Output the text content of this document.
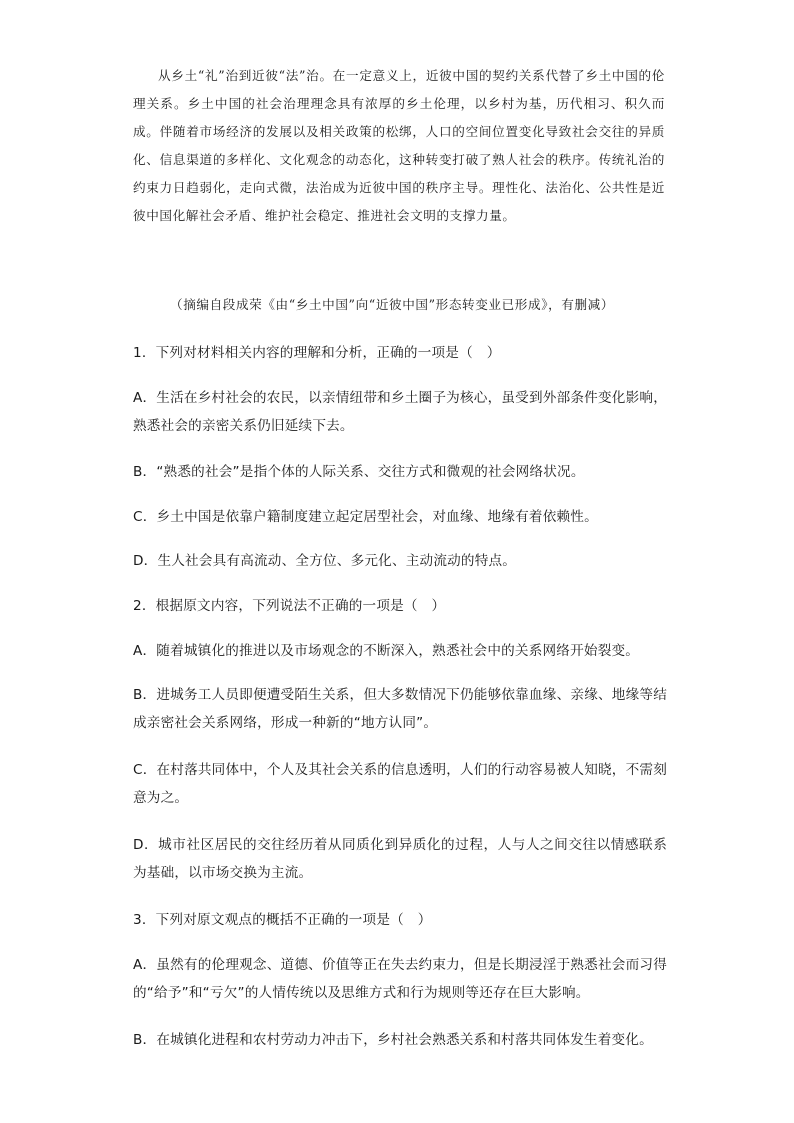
从乡土“礼”治到近彼“法”治。在一定意义上，近彼中国的契约关系代替了乡土中国的伦理关系。乡土中国的社会治理理念具有浓厚的乡土伦理，以乡村为基，历代相习、积久而成。伴随着市场经济的发展以及相关政策的松绑，人口的空间位置变化导致社会交往的异质化、信息渠道的多样化、文化观念的动态化，这种转变打破了熟人社会的秩序。传统礼治的约束力日趋弱化，走向式微，法治成为近彼中国的秩序主导。理性化、法治化、公共性是近彼中国化解社会矛盾、维护社会稳定、推进社会文明的支撑力量。

（摘编自段成荣《由“乡土中国”向“近彼中国”形态转变业已形成》，有删减）

1．下列对材料相关内容的理解和分析，正确的一项是（　）

A．生活在乡村社会的农民，以亲情纽带和乡土圈子为核心，虽受到外部条件变化影响，熟悉社会的亲密关系仍旧延续下去。

B．“熟悉的社会”是指个体的人际关系、交往方式和微观的社会网络状况。

C．乡土中国是依靠户籍制度建立起定居型社会，对血缘、地缘有着依赖性。

D．生人社会具有高流动、全方位、多元化、主动流动的特点。

2．根据原文内容，下列说法不正确的一项是（　）

A．随着城镇化的推进以及市场观念的不断深入，熟悉社会中的关系网络开始裂变。

B．进城务工人员即便遭受陌生关系，但大多数情况下仍能够依靠血缘、亲缘、地缘等结成亲密社会关系网络，形成一种新的“地方认同”。

C．在村落共同体中，个人及其社会关系的信息透明，人们的行动容易被人知晓，不需刻意为之。

D．城市社区居民的交往经历着从同质化到异质化的过程，人与人之间交往以情感联系为基础，以市场交换为主流。

3．下列对原文观点的概括不正确的一项是（　）

A．虽然有的伦理观念、道德、价值等正在失去约束力，但是长期浸淫于熟悉社会而习得的“给予”和“亏欠”的人情传统以及思维方式和行为规则等还存在巨大影响。

B．在城镇化进程和农村劳动力冲击下，乡村社会熟悉关系和村落共同体发生着变化。
